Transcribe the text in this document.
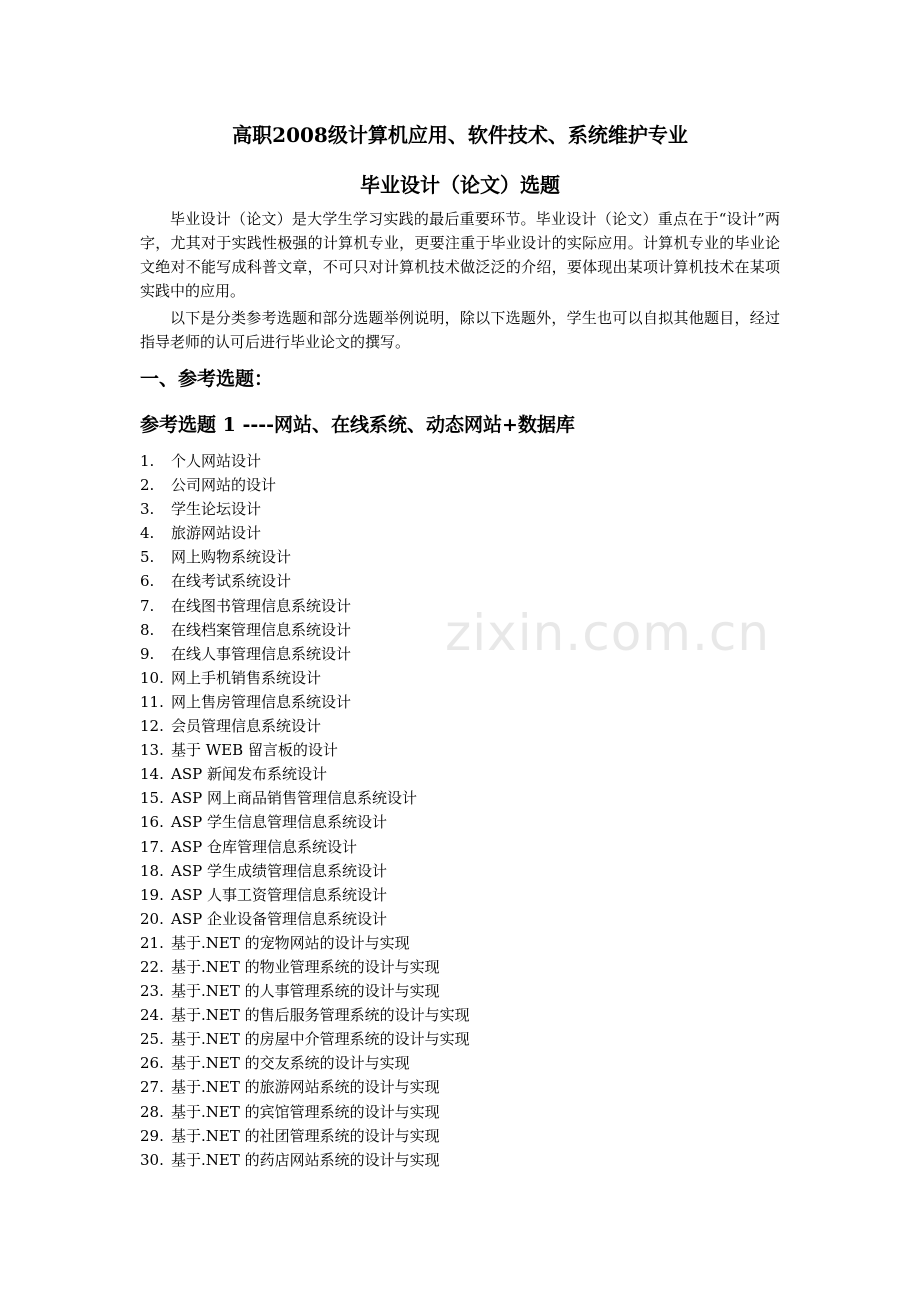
高职2008级计算机应用、软件技术、系统维护专业
毕业设计（论文）选题

毕业设计（论文）是大学生学习实践的最后重要环节。毕业设计（论文）重点在于“设计”两字，尤其对于实践性极强的计算机专业，更要注重于毕业设计的实际应用。计算机专业的毕业论文绝对不能写成科普文章，不可只对计算机技术做泛泛的介绍，要体现出某项计算机技术在某项实践中的应用。

以下是分类参考选题和部分选题举例说明，除以下选题外，学生也可以自拟其他题目，经过指导老师的认可后进行毕业论文的撰写。

一、参考选题：
参考选题 1 ----网站、在线系统、动态网站+数据库
1. 个人网站设计
2. 公司网站的设计
3. 学生论坛设计
4. 旅游网站设计
5. 网上购物系统设计
6. 在线考试系统设计
7. 在线图书管理信息系统设计
8. 在线档案管理信息系统设计
9. 在线人事管理信息系统设计
10. 网上手机销售系统设计
11. 网上售房管理信息系统设计
12. 会员管理信息系统设计
13. 基于 WEB 留言板的设计
14. ASP 新闻发布系统设计
15. ASP 网上商品销售管理信息系统设计
16. ASP 学生信息管理信息系统设计
17. ASP 仓库管理信息系统设计
18. ASP 学生成绩管理信息系统设计
19. ASP 人事工资管理信息系统设计
20. ASP 企业设备管理信息系统设计
21. 基于.NET 的宠物网站的设计与实现
22. 基于.NET 的物业管理系统的设计与实现
23. 基于.NET 的人事管理系统的设计与实现
24. 基于.NET 的售后服务管理系统的设计与实现
25. 基于.NET 的房屋中介管理系统的设计与实现
26. 基于.NET 的交友系统的设计与实现
27. 基于.NET 的旅游网站系统的设计与实现
28. 基于.NET 的宾馆管理系统的设计与实现
29. 基于.NET 的社团管理系统的设计与实现
30. 基于.NET 的药店网站系统的设计与实现
zixin.com.cn
